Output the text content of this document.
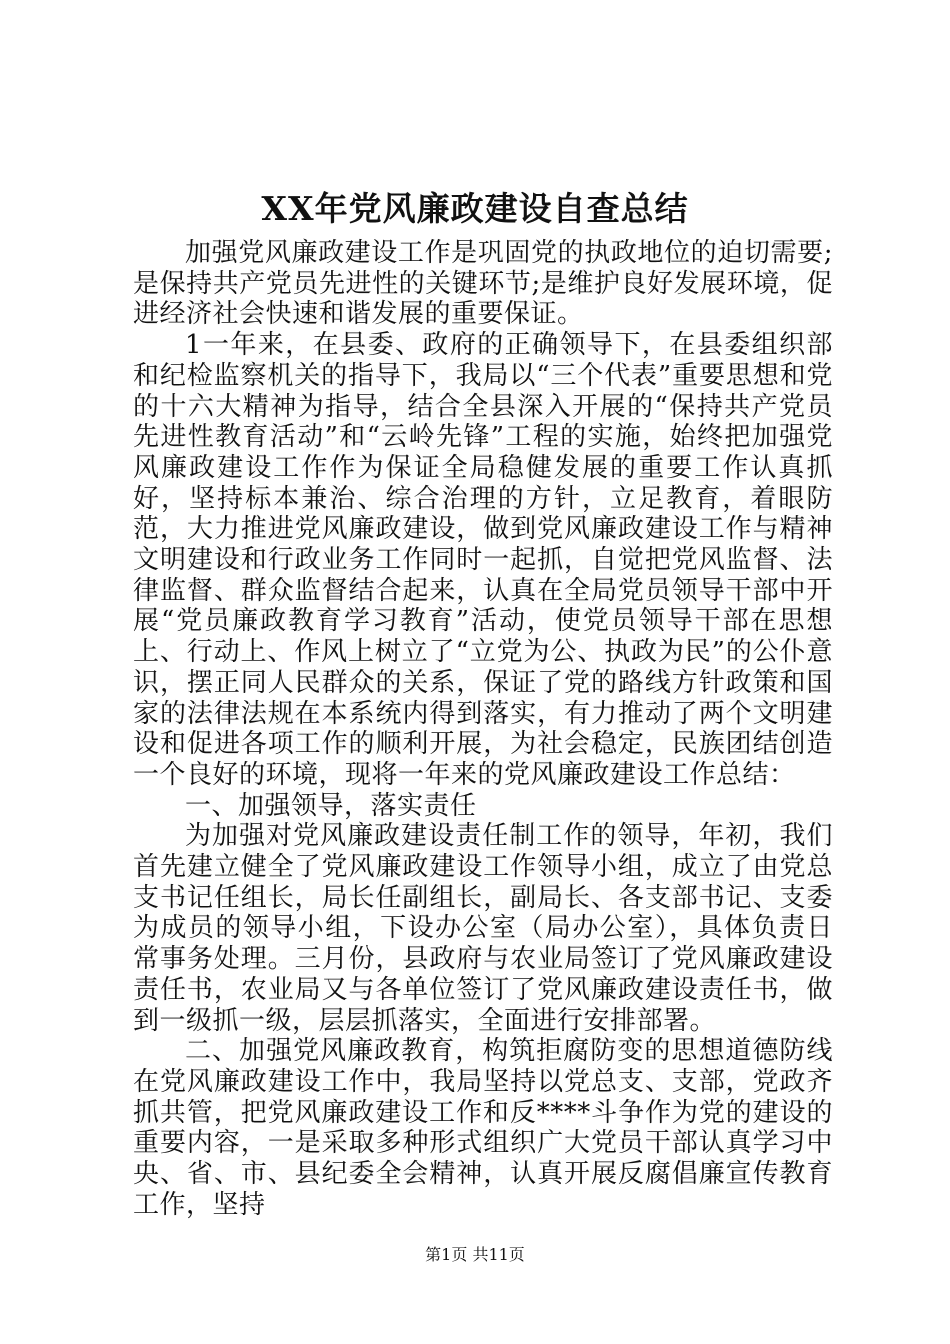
XX年党风廉政建设自查总结

加强党风廉政建设工作是巩固党的执政地位的迫切需要;是保持共产党员先进性的关键环节;是维护良好发展环境，促进经济社会快速和谐发展的重要保证。

1一年来，在县委、政府的正确领导下，在县委组织部和纪检监察机关的指导下，我局以“三个代表”重要思想和党的十六大精神为指导，结合全县深入开展的“保持共产党员先进性教育活动”和“云岭先锋”工程的实施，始终把加强党风廉政建设工作作为保证全局稳健发展的重要工作认真抓好，坚持标本兼治、综合治理的方针，立足教育，着眼防范，大力推进党风廉政建设，做到党风廉政建设工作与精神文明建设和行政业务工作同时一起抓，自觉把党风监督、法律监督、群众监督结合起来，认真在全局党员领导干部中开展“党员廉政教育学习教育”活动，使党员领导干部在思想上、行动上、作风上树立了“立党为公、执政为民”的公仆意识，摆正同人民群众的关系，保证了党的路线方针政策和国家的法律法规在本系统内得到落实，有力推动了两个文明建设和促进各项工作的顺利开展，为社会稳定，民族团结创造一个良好的环境，现将一年来的党风廉政建设工作总结：

一、加强领导，落实责任

为加强对党风廉政建设责任制工作的领导，年初，我们首先建立健全了党风廉政建设工作领导小组，成立了由党总支书记任组长，局长任副组长，副局长、各支部书记、支委为成员的领导小组，下设办公室（局办公室），具体负责日常事务处理。三月份，县政府与农业局签订了党风廉政建设责任书，农业局又与各单位签订了党风廉政建设责任书，做到一级抓一级，层层抓落实，全面进行安排部署。

二、加强党风廉政教育，构筑拒腐防变的思想道德防线在党风廉政建设工作中，我局坚持以党总支、支部，党政齐抓共管，把党风廉政建设工作和反****斗争作为党的建设的重要内容，一是采取多种形式组织广大党员干部认真学习中央、省、市、县纪委全会精神，认真开展反腐倡廉宣传教育工作，坚持

第1页 共11页
